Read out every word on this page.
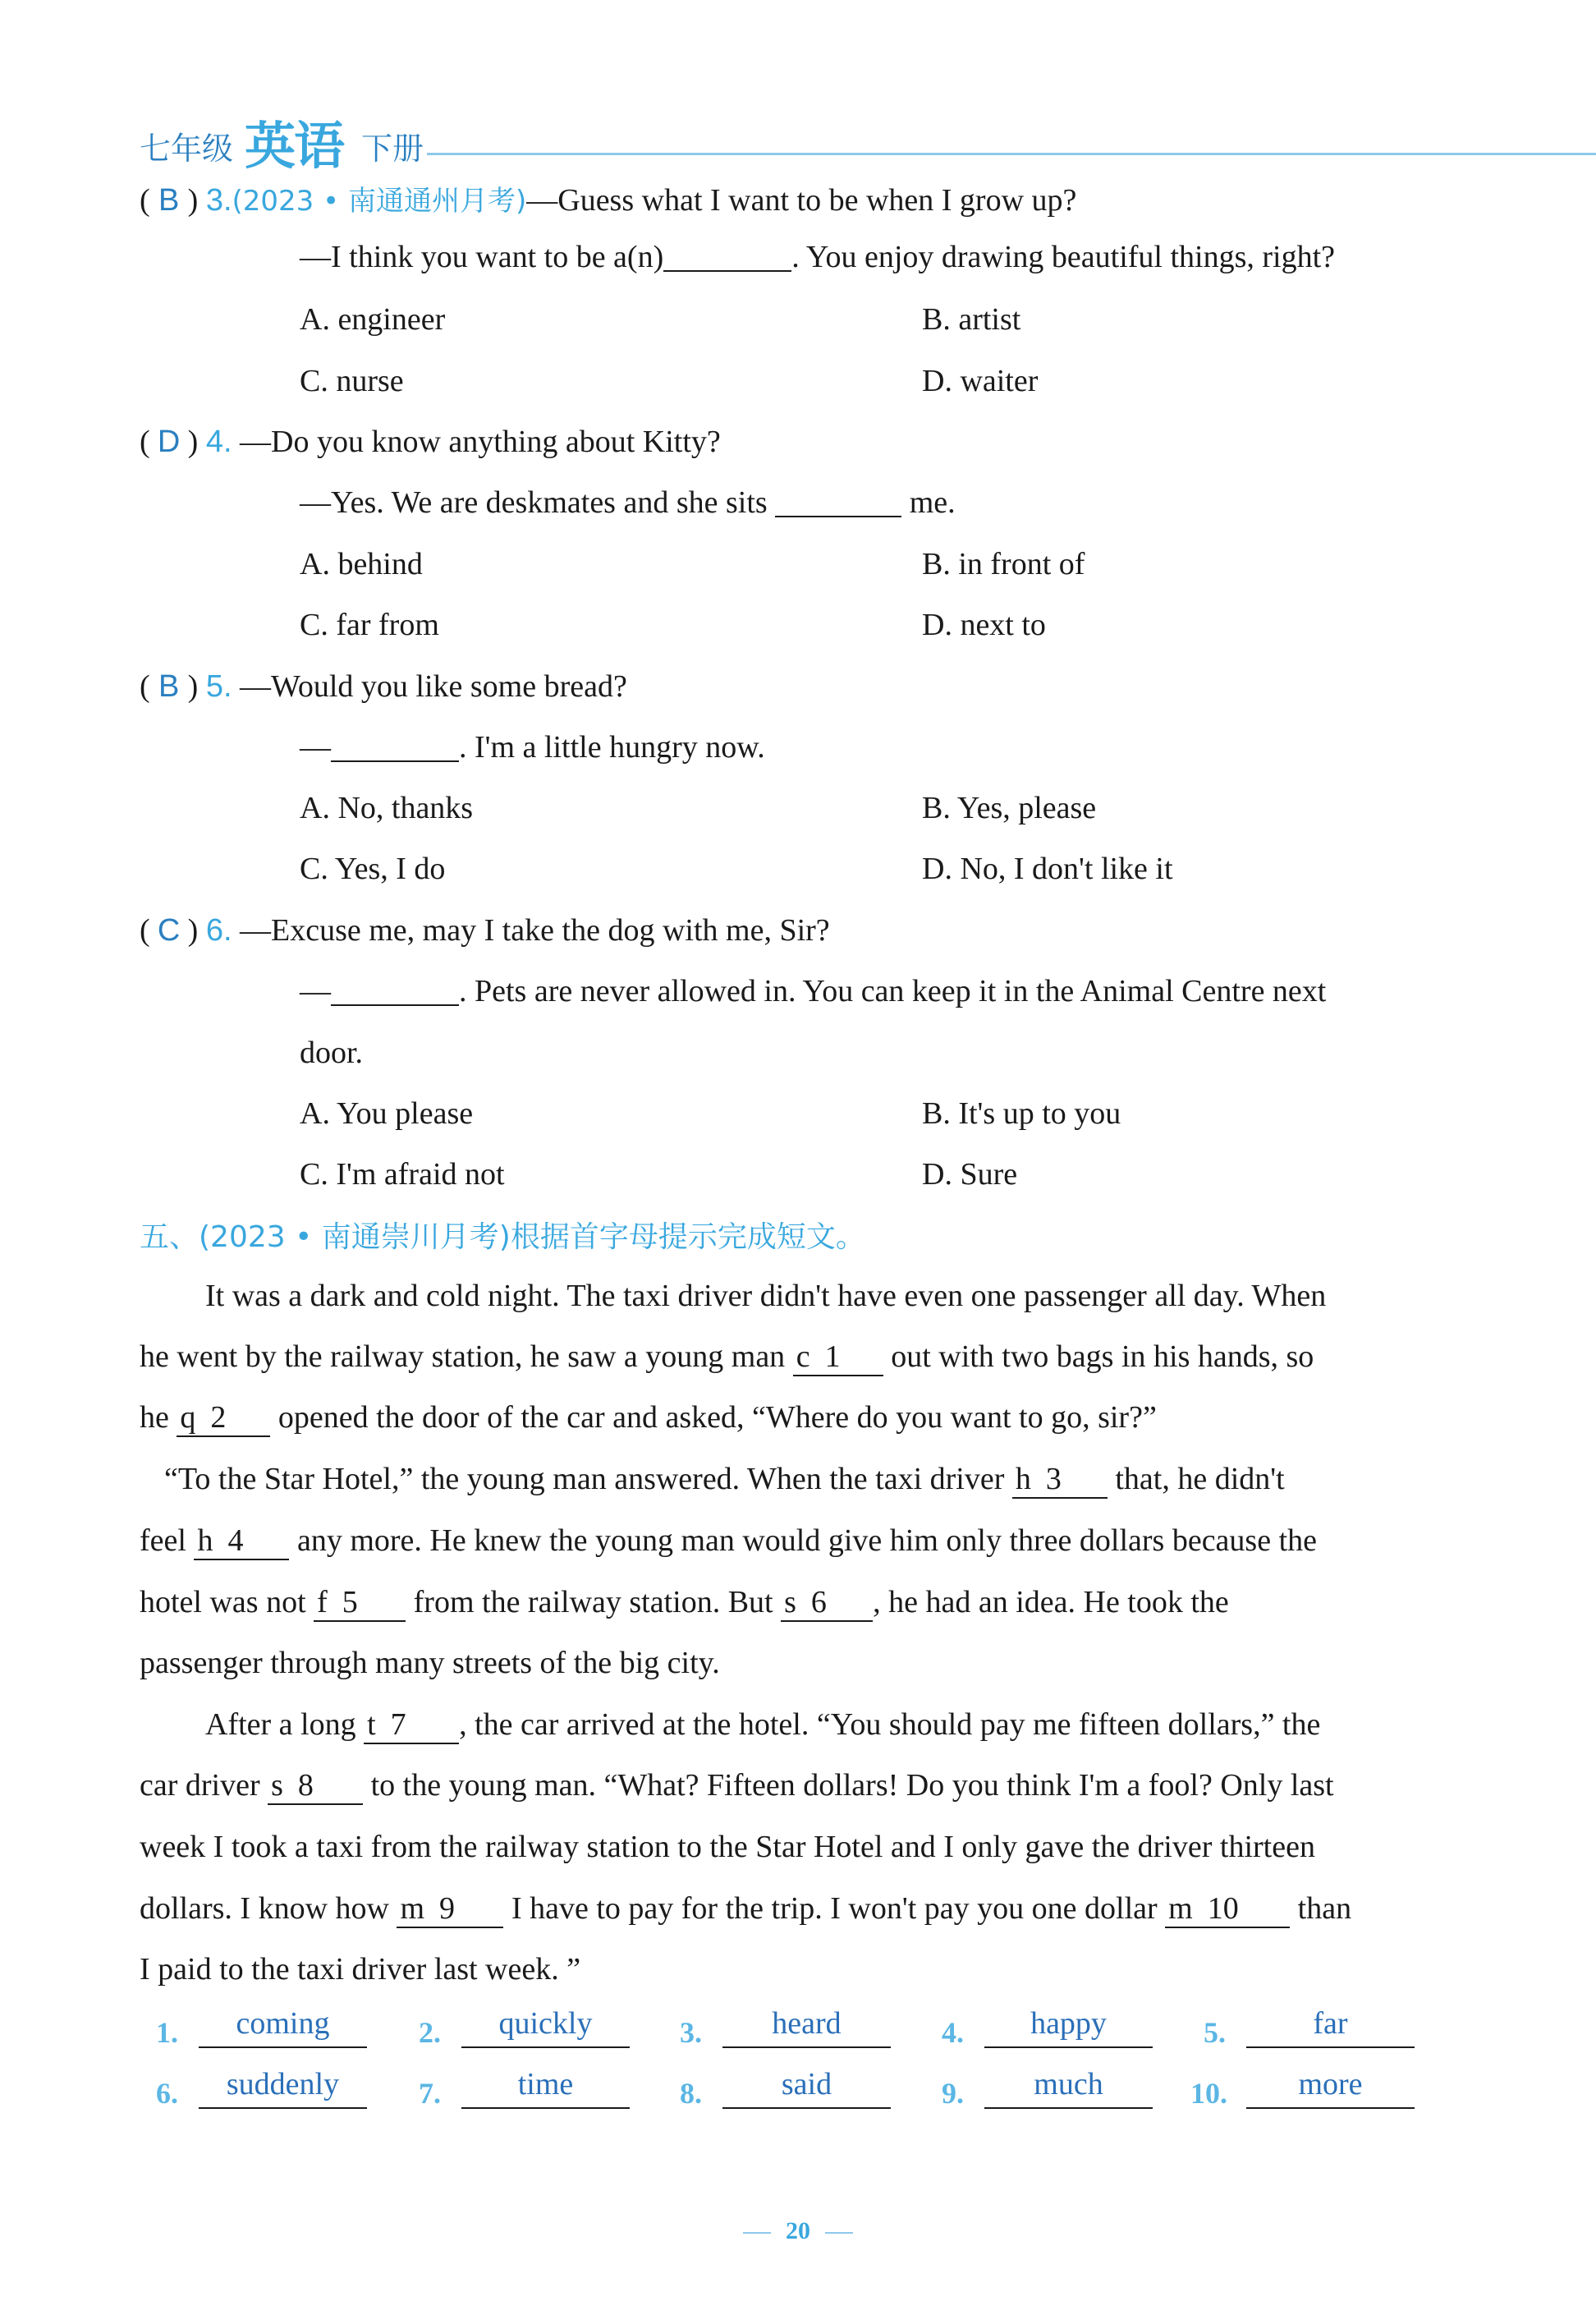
七年级 英语 下册
( B ) 3.(2023 • 南通通州月考)—Guess what I want to be when I grow up?
—I think you want to be a(n)	. You enjoy drawing beautiful things, right?
A. engineer	B. artist
C. nurse	D. waiter
( D ) 4. —Do you know anything about Kitty?
—Yes. We are deskmates and she sits	me.
A. behind	B. in front of
C. far from	D. next to
( B ) 5. —Would you like some bread?
—	. I'm a little hungry now.
A. No, thanks	B. Yes, please
C. Yes, I do	D. No, I don't like it
( C ) 6. —Excuse me, may I take the dog with me, Sir?
—	. Pets are never allowed in. You can keep it in the Animal Centre next
door.
A. You please	B. It's up to you
C. I'm afraid not	D. Sure
五、(2023 • 南通崇川月考)根据首字母提示完成短文。
It was a dark and cold night. The taxi driver didn't have even one passenger all day. When
he went by the railway station, he saw a young man c 1 out with two bags in his hands, so
he q 2 opened the door of the car and asked, “Where do you want to go, sir?”
“To the Star Hotel,” the young man answered. When the taxi driver h 3 that, he didn't
feel h 4 any more. He knew the young man would give him only three dollars because the
hotel was not f 5 from the railway station. But s 6 , he had an idea. He took the
passenger through many streets of the big city.
After a long t 7 , the car arrived at the hotel. “You should pay me fifteen dollars,” the
car driver s 8 to the young man. “What? Fifteen dollars! Do you think I'm a fool? Only last
week I took a taxi from the railway station to the Star Hotel and I only gave the driver thirteen
dollars. I know how m 9 I have to pay for the trip. I won't pay you one dollar m 10 than
I paid to the taxi driver last week. ”
1.	coming	2.	quickly	3.	heard	4.	happy	5.	far
6.	suddenly	7.	time	8.	said	9.	much	10.	more
20
